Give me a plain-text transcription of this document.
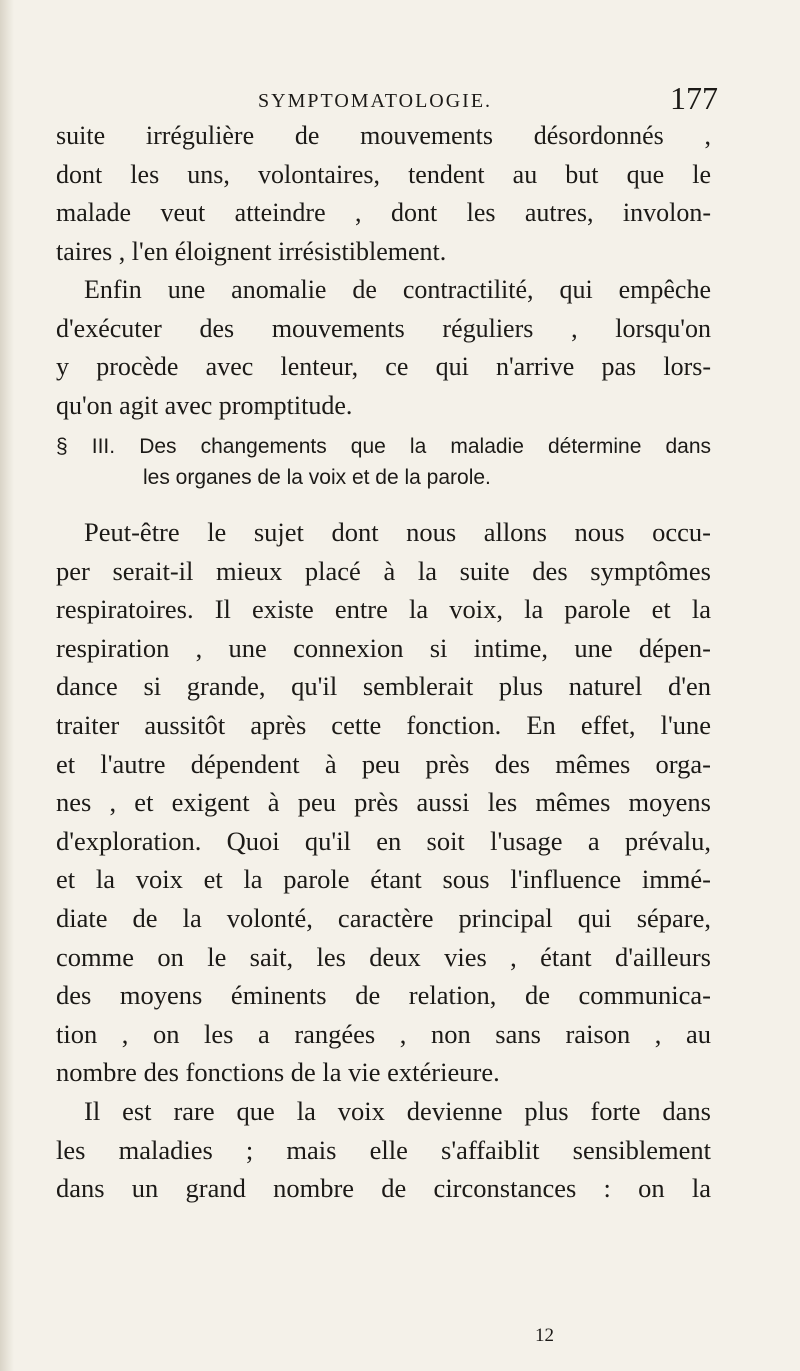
SYMPTOMATOLOGIE.	177
suite irrégulière de mouvements désordonnés ,
dont les uns, volontaires, tendent au but que le
malade veut atteindre , dont les autres, involon-
taires , l'en éloignent irrésistiblement.
Enfin une anomalie de contractilité, qui empêche
d'exécuter des mouvements réguliers , lorsqu'on
y procède avec lenteur, ce qui n'arrive pas lors-
qu'on agit avec promptitude.
§ III. Des changements que la maladie détermine dans
les organes de la voix et de la parole.
Peut-être le sujet dont nous allons nous occu-
per serait-il mieux placé à la suite des symptômes
respiratoires. Il existe entre la voix, la parole et la
respiration , une connexion si intime, une dépen-
dance si grande, qu'il semblerait plus naturel d'en
traiter aussitôt après cette fonction. En effet, l'une
et l'autre dépendent à peu près des mêmes orga-
nes , et exigent à peu près aussi les mêmes moyens
d'exploration. Quoi qu'il en soit l'usage a prévalu,
et la voix et la parole étant sous l'influence immé-
diate de la volonté, caractère principal qui sépare,
comme on le sait, les deux vies , étant d'ailleurs
des moyens éminents de relation, de communica-
tion , on les a rangées , non sans raison , au
nombre des fonctions de la vie extérieure.
Il est rare que la voix devienne plus forte dans
les maladies ; mais elle s'affaiblit sensiblement
dans un grand nombre de circonstances : on la
12
